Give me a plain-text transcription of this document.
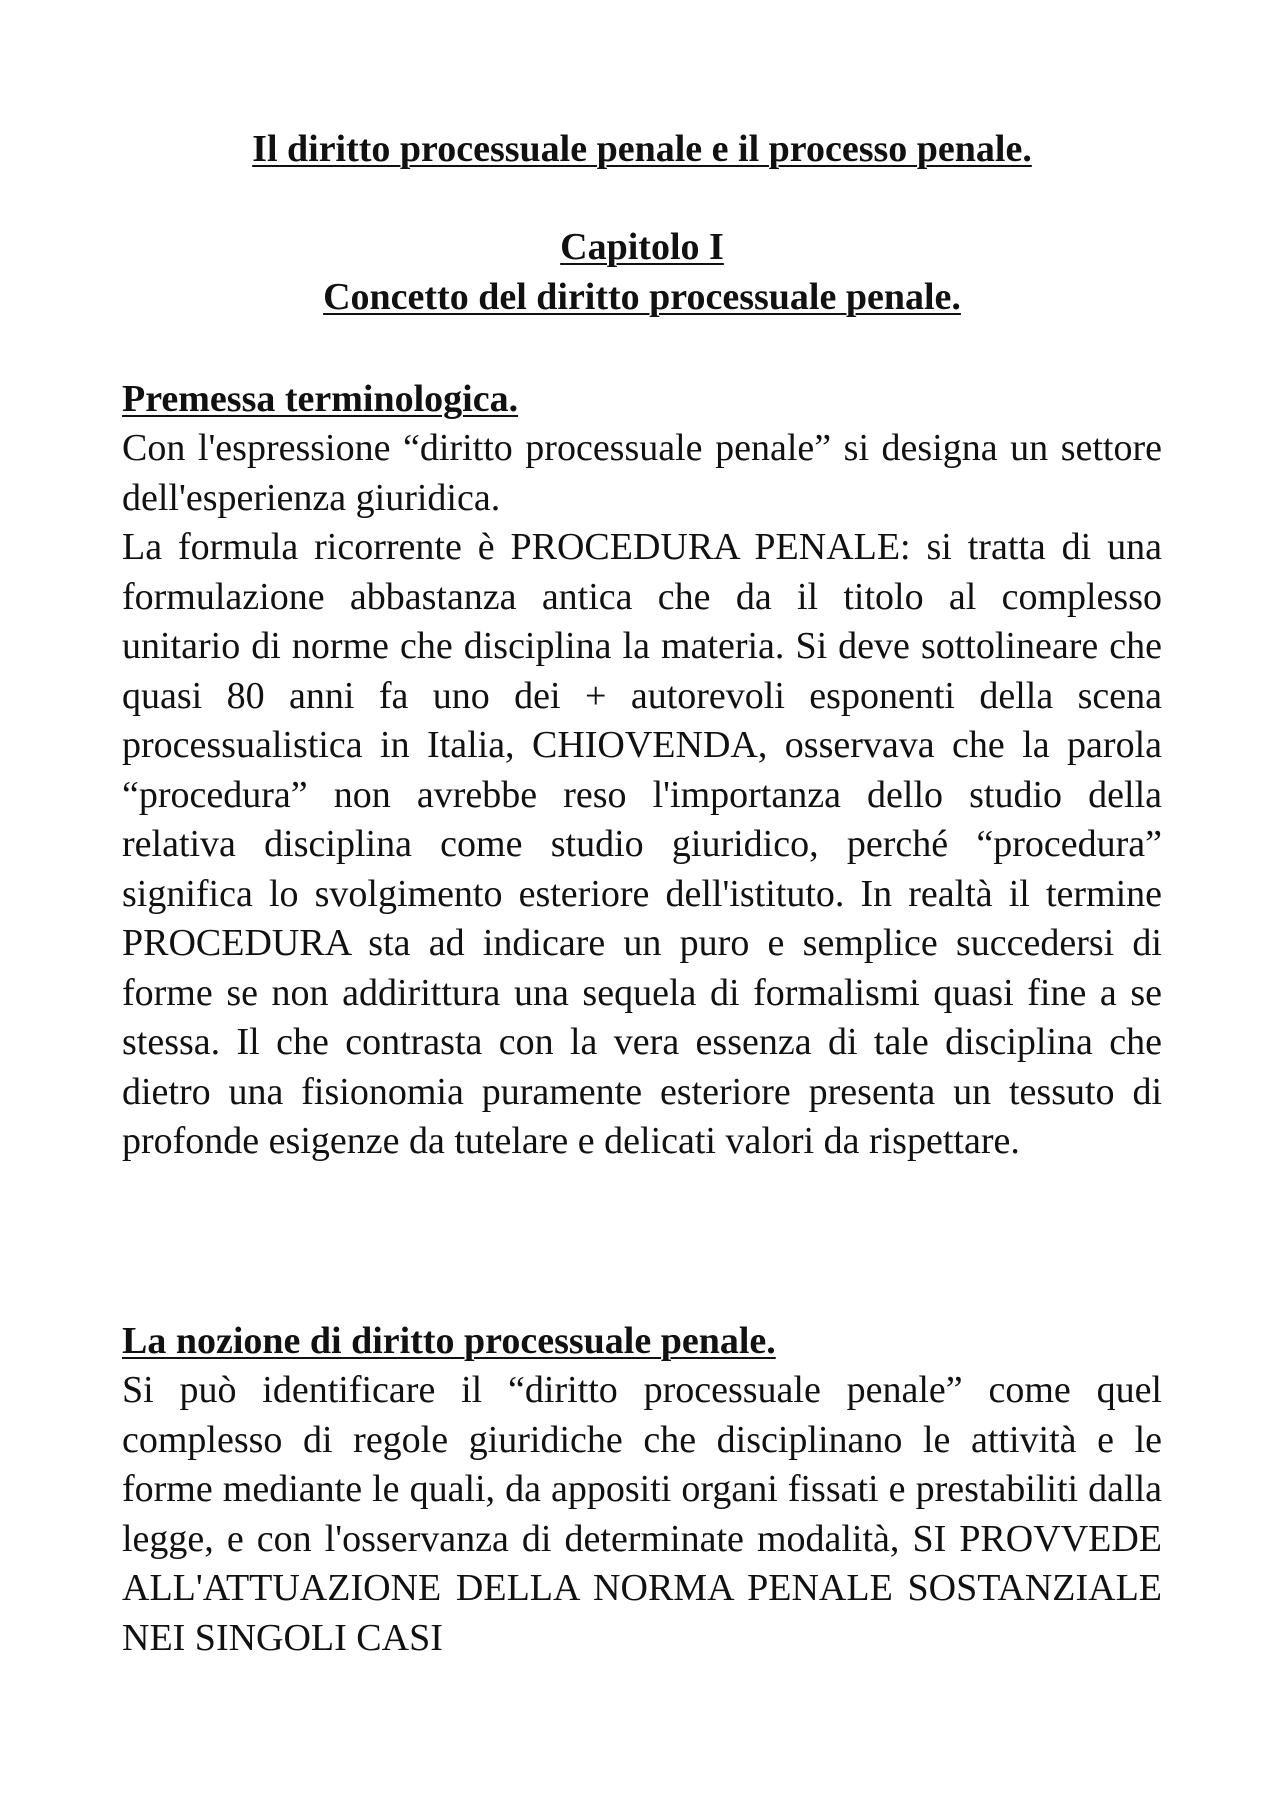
Il diritto processuale penale e il processo penale.
Capitolo I
Concetto del diritto processuale penale.
Premessa terminologica.

Con l'espressione “diritto processuale penale” si designa un settore dell'esperienza giuridica.

La formula ricorrente è PROCEDURA PENALE: si tratta di una formulazione abbastanza antica che da il titolo al complesso unitario di norme che disciplina la materia. Si deve sottolineare che quasi 80 anni fa uno dei + autorevoli esponenti della scena processualistica in Italia, CHIOVENDA, osservava che la parola “procedura” non avrebbe reso l'importanza dello studio della relativa disciplina come studio giuridico, perché “procedura” significa lo svolgimento esteriore dell'istituto. In realtà il termine PROCEDURA sta ad indicare un puro e semplice succedersi di forme se non addirittura una sequela di formalismi quasi fine a se stessa. Il che contrasta con la vera essenza di tale disciplina che dietro una fisionomia puramente esteriore presenta un tessuto di profonde esigenze da tutelare e delicati valori da rispettare.

La nozione di diritto processuale penale.

Si può identificare il “diritto processuale penale” come quel complesso di regole giuridiche che disciplinano le attività e le forme mediante le quali, da appositi organi fissati e prestabiliti dalla legge, e con l'osservanza di determinate modalità, SI PROVVEDE ALL'ATTUAZIONE DELLA NORMA PENALE SOSTANZIALE NEI SINGOLI CASI
